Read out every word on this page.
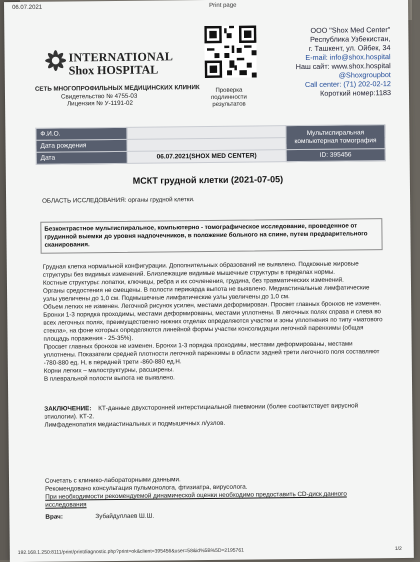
06.07.2021	Print page
INTERNATIONAL
Shox HOSPITAL
СЕТЬ МНОГОПРОФИЛЬНЫХ МЕДИЦИНСКИХ КЛИНИК
Свидетельство № 4755-03
Лицензия № У-1191-02
Проверка
подлинности
результатов
ООО "Shox Med Center"
Республика Узбекистан,
г. Ташкент, ул. Ойбек, 34
E-mail: info@shox.hospital
Наш сайт: www.shox.hospital
@Shoxgroupbot
Call center: (71) 202-02-12
Короткий номер:1183
Ф.И.О.		Мультиспиральная компьютерная томография
Дата рождения		
Дата	06.07.2021(SHOX MED CENTER)	ID: 395456
МСКТ грудной клетки (2021-07-05)
ОБЛАСТЬ ИССЛЕДОВАНИЯ: органы грудной клетки.
Безконтрастное мультиспиральное, компьютерно - томографическое исследование, проведенное от грудинной выемки до уровня надпочечников, в положение больного на спине, путем предварительного сканирования.

Грудная клетка нормальной конфигурации. Дополнительных образований не выявлено. Подкожные жировые структуры без видимых изменений. Близлежащие видимые мышечные структуры в пределах нормы.

Костные структуры: лопатки, ключицы, ребра и их сочленения, грудина, без травматических изменений.

Органы средостения не смещены. В полости перикарда выпота не выявлено. Медиастинальные лимфатические узлы увеличены до 1,0 см. Подмышечные лимфатические узлы увеличены до 1,0 см.

Объем легких не изменен. Легочной рисунок усилен, местами деформирован. Просвет главных бронхов не изменен. Бронхи 1-3 порядка проходимы, местами деформированы, местами уплотнены. В легочных полях справа и слева во всех легочных полях, преимущественно нижних отделах определяются участки и зоны уплотнения по типу «матового стекла», на фоне которых определяются линейной формы участки консолидации легочной паренхимы (общая площадь поражения - 25-35%).

Просвет главных бронхов не изменен. Бронхи 1-3 порядка проходимы, местами деформированы, местами уплотнены. Показатели средней плотности легочной паренхимы в области задней трети легочного поля составляют -780-880 ед. Н, в передней трети -860-880 ед.Н.

Корни легких – малоструктурны, расширены.

В плевральной полости выпота не выявлено.

ЗАКЛЮЧЕНИЕ: КТ-данные двухсторонней интерстициальной пневмонии (более соответствует вирусной этиологии). КТ-2.
Лимфаденопатия медиастинальных и подмышечных л/узлов.
Сочетать с клинико-лабораторными данными.
Рекомендовано консультация пульмонолога, фтизиатра, вирусолога.
При необходимости рекомендуемой динамической оценки необходимо предоставить CD-диск данного исследования
Врач:	Зубайдуллаев Ш.Ш.
192.168.1.250:8111/print/printdiagnostic.php?print=ok&client=395456&user=58&id%5B%5D=2195761	1/2
